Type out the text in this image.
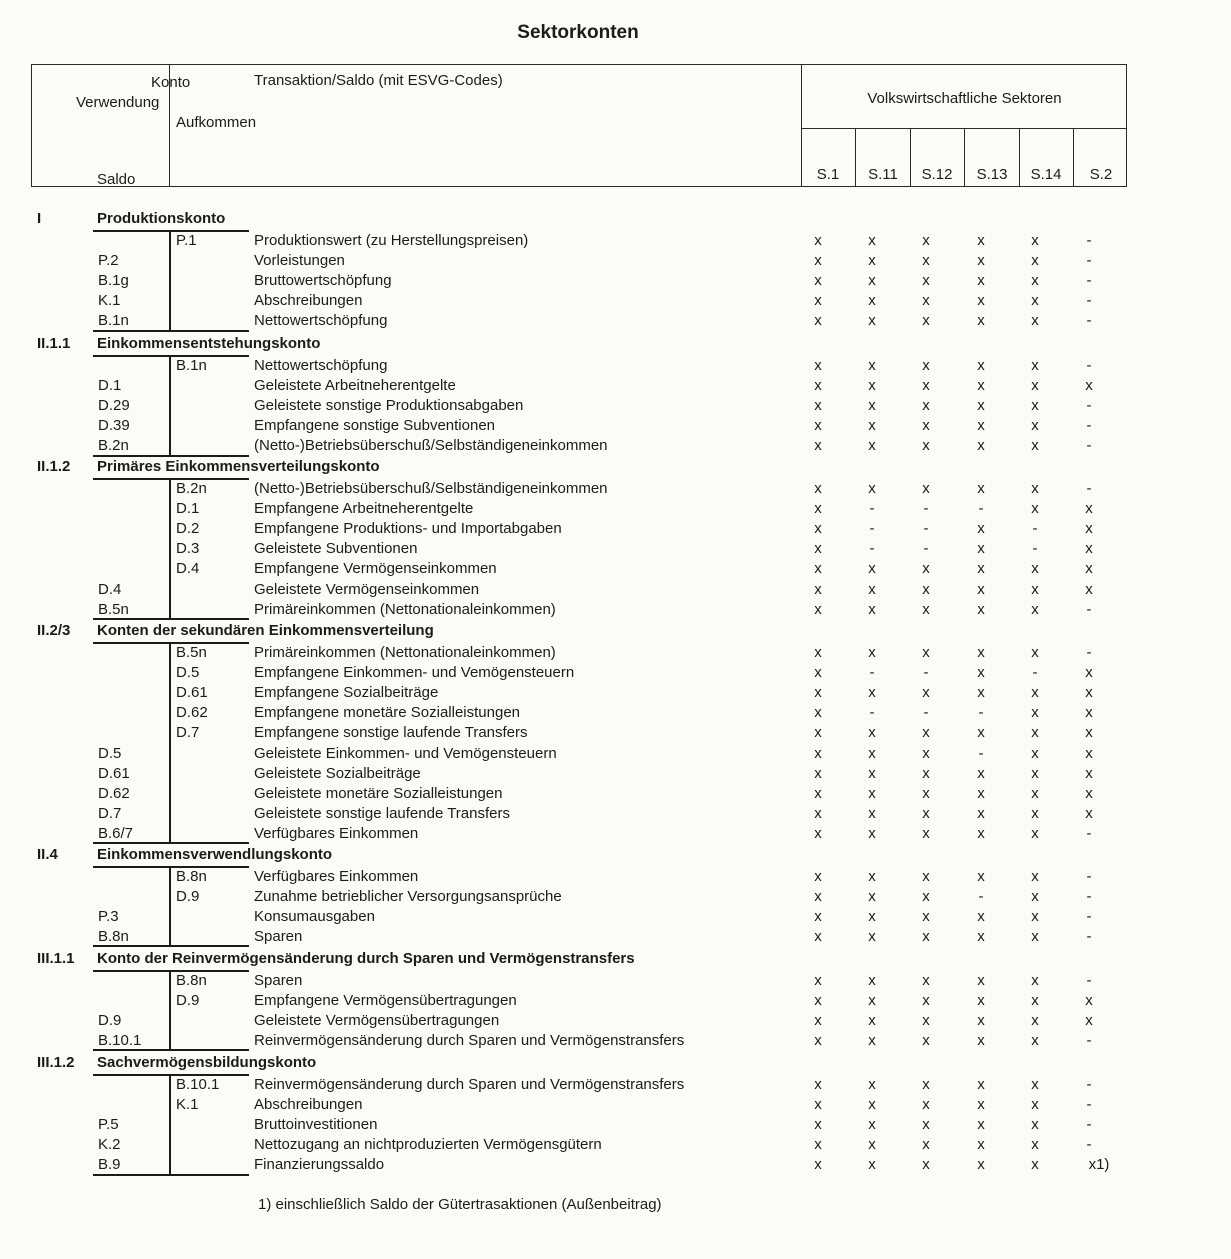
Sektorkonten
Konto
Verwendung
Saldo
Transaktion/Saldo (mit ESVG-Codes)
Aufkommen
Volkswirtschaftliche Sektoren
S.1	S.11	S.12	S.13	S.14	S.2
I	Produktionskonto
P.1	Produktionswert (zu Herstellungspreisen)	x	x	x	x	x	-
P.2	Vorleistungen	x	x	x	x	x	-
B.1g	Bruttowertschöpfung	x	x	x	x	x	-
K.1	Abschreibungen	x	x	x	x	x	-
B.1n	Nettowertschöpfung	x	x	x	x	x	-
II.1.1 Einkommensentstehungskonto
B.1n	Nettowertschöpfung	x	x	x	x	x	-
D.1	Geleistete Arbeitneherentgelte	x	x	x	x	x	x
D.29	Geleistete sonstige Produktionsabgaben	x	x	x	x	x	-
D.39	Empfangene sonstige Subventionen	x	x	x	x	x	-
B.2n	(Netto-)Betriebsüberschuß/Selbständigeneinkommen	x	x	x	x	x	-
II.1.2 Primäres Einkommensverteilungskonto
B.2n	(Netto-)Betriebsüberschuß/Selbständigeneinkommen	x	x	x	x	x	-
D.1	Empfangene Arbeitneherentgelte	x	-	-	-	x	x
D.2	Empfangene Produktions- und Importabgaben	x	-	-	x	-	x
D.3	Geleistete Subventionen	x	-	-	x	-	x
D.4	Empfangene Vermögenseinkommen	x	x	x	x	x	x
D.4	Geleistete Vermögenseinkommen	x	x	x	x	x	x
B.5n	Primäreinkommen (Nettonationaleinkommen)	x	x	x	x	x	-
II.2/3 Konten der sekundären Einkommensverteilung
B.5n	Primäreinkommen (Nettonationaleinkommen)	x	x	x	x	x	-
D.5	Empfangene Einkommen- und Vemögensteuern	x	-	-	x	-	x
D.61	Empfangene Sozialbeiträge	x	x	x	x	x	x
D.62	Empfangene monetäre Sozialleistungen	x	-	-	-	x	x
D.7	Empfangene sonstige laufende Transfers	x	x	x	x	x	x
D.5	Geleistete Einkommen- und Vemögensteuern	x	x	x	-	x	x
D.61	Geleistete Sozialbeiträge	x	x	x	x	x	x
D.62	Geleistete monetäre Sozialleistungen	x	x	x	x	x	x
D.7	Geleistete sonstige laufende Transfers	x	x	x	x	x	x
B.6/7	Verfügbares Einkommen	x	x	x	x	x	-
II.4	Einkommensverwendlungskonto
B.8n	Verfügbares Einkommen	x	x	x	x	x	-
D.9	Zunahme betrieblicher Versorgungsansprüche	x	x	x	-	x	-
P.3	Konsumausgaben	x	x	x	x	x	-
B.8n	Sparen	x	x	x	x	x	-
III.1.1 Konto der Reinvermögensänderung durch Sparen und Vermögenstransfers
B.8n	Sparen	x	x	x	x	x	-
D.9	Empfangene Vermögensübertragungen	x	x	x	x	x	x
D.9	Geleistete Vermögensübertragungen	x	x	x	x	x	x
B.10.1	Reinvermögensänderung durch Sparen und Vermögenstransfers	x	x	x	x	x	-
III.1.2 Sachvermögensbildungskonto
B.10.1 Reinvermögensänderung durch Sparen und Vermögenstransfers	x	x	x	x	x	-
K.1	Abschreibungen	x	x	x	x	x	-
P.5	Bruttoinvestitionen	x	x	x	x	x	-
K.2	Nettozugang an nichtproduzierten Vermögensgütern	x	x	x	x	x	-
B.9	Finanzierungssaldo	x	x	x	x	x	x1)
1) einschließlich Saldo der Gütertrasaktionen (Außenbeitrag)
